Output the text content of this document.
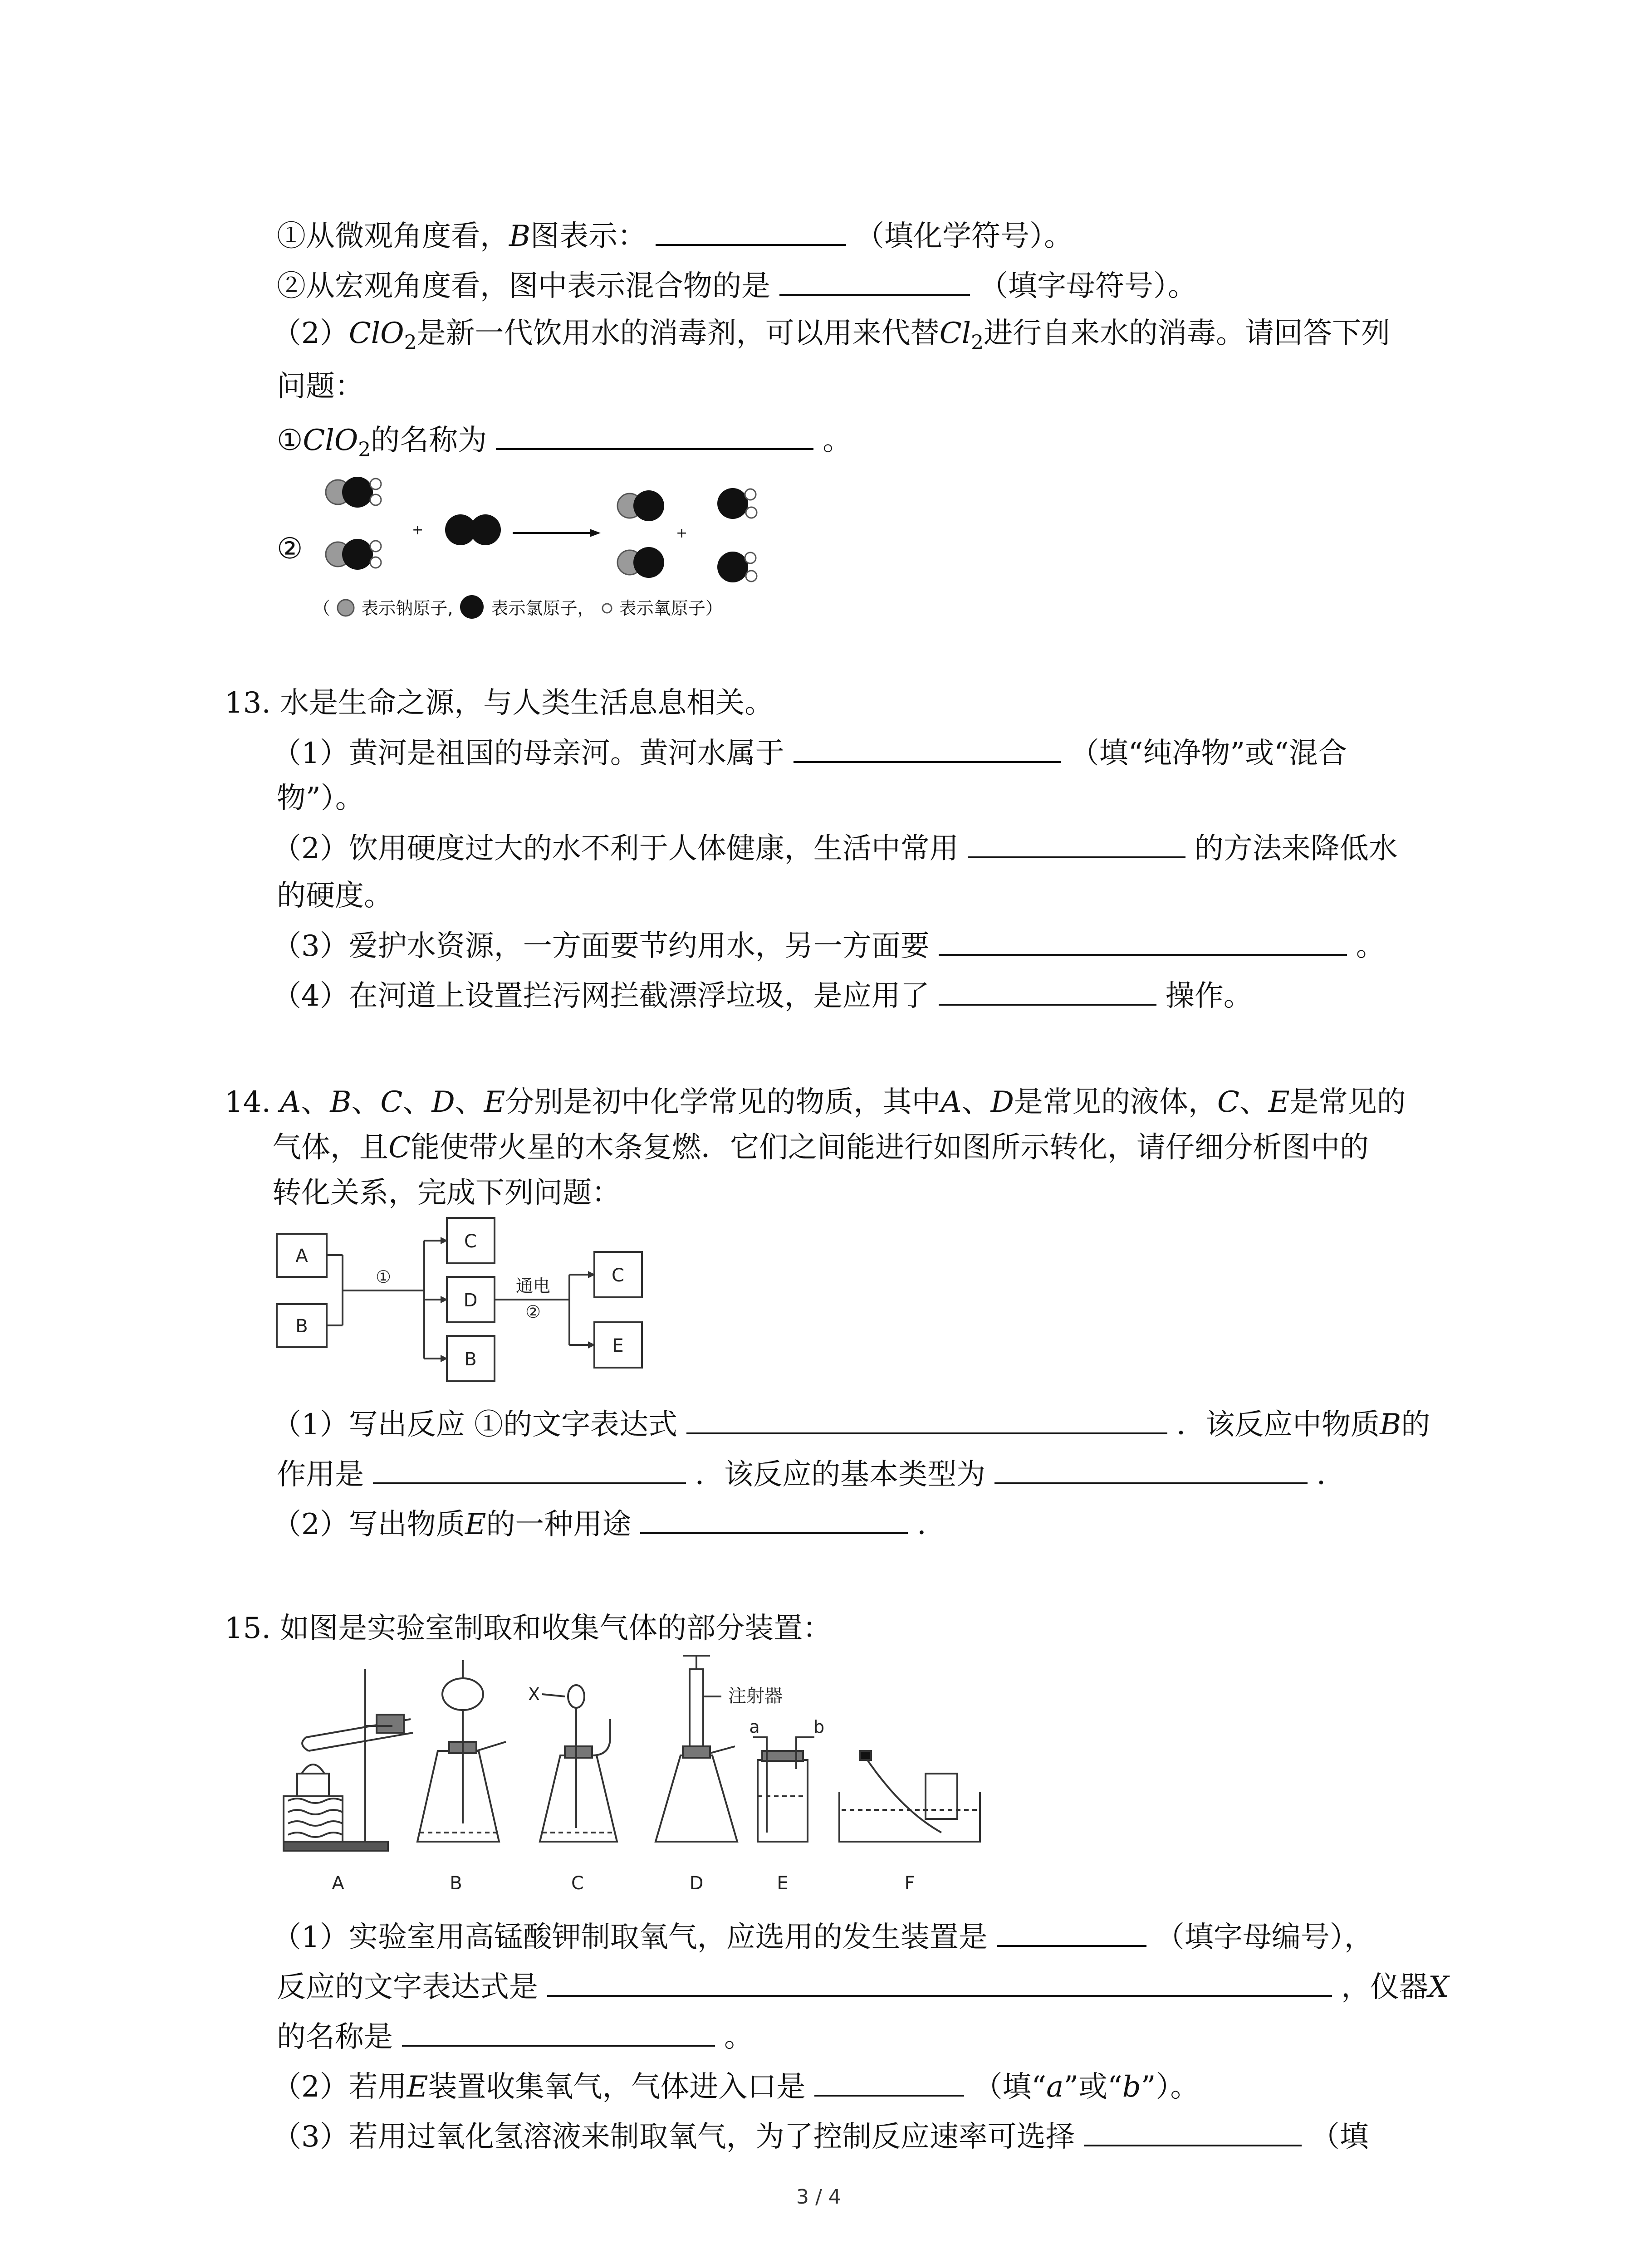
①从微观角度看，B图表示：	（填化学符号）。
②从宏观角度看，图中表示混合物的是	（填字母符号）。
（2）ClO$_2$是新一代饮用水的消毒剂，可以用来代替$Cl_2$进行自来水的消毒。请回答下列
问题：
①ClO$_2$的名称为	。
②
+	+
（ 表示钠原子, 表示氯原子， 表示氧原子）
13. 水是生命之源，与人类生活息息相关。
（1）黄河是祖国的母亲河。黄河水属于	（填“纯净物”或“混合
物”）。
（2）饮用硬度过大的水不利于人体健康，生活中常用	的方法来降低水
的硬度。
（3）爱护水资源，一方面要节约用水，另一方面要	。
（4）在河道上设置拦污网拦截漂浮垃圾，是应用了	操作。
14. A、B、C、D、E分别是初中化学常见的物质，其中A、D是常见的液体，C、E是常见的
气体，且C能使带火星的木条复燃．它们之间能进行如图所示转化，请仔细分析图中的
转化关系，完成下列问题：
A
B
C
D
B
C
E
①	通电
②
（1）写出反应 ①的文字表达式	．该反应中物质B的
作用是	．该反应的基本类型为	．
（2）写出物质E的一种用途	．
15. 如图是实验室制取和收集气体的部分装置：
A	B	C	D	E	F
X	注射器
a	b
（1）实验室用高锰酸钾制取氧气，应选用的发生装置是	（填字母编号），
反应的文字表达式是	，仪器X
的名称是	。
（2）若用E装置收集氧气，气体进入口是	（填“a”或“b”）。
（3）若用过氧化氢溶液来制取氧气，为了控制反应速率可选择	（填
3 / 4
